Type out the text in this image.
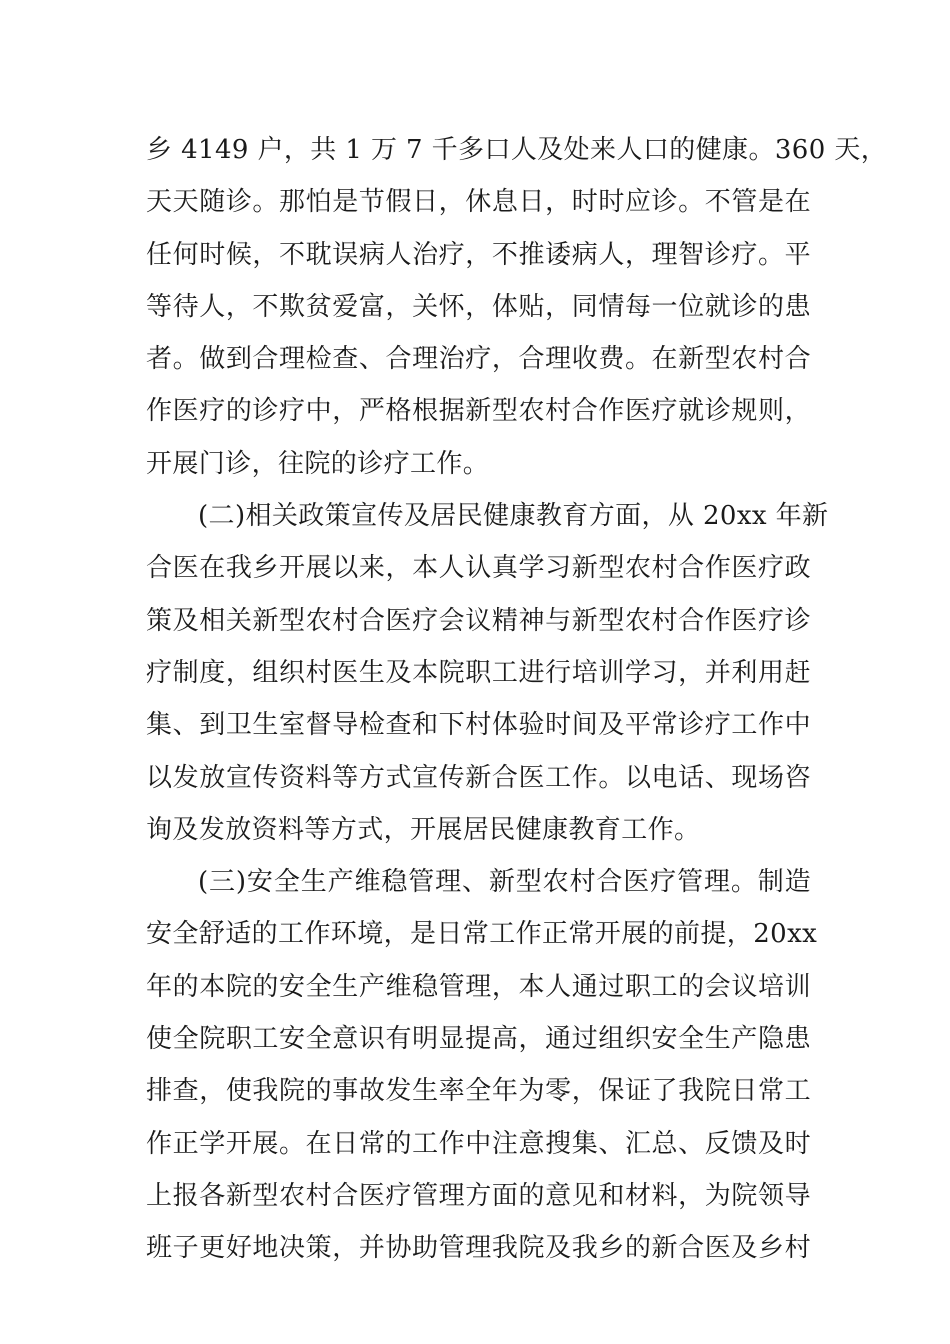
乡 4149 户，共 1 万 7 千多口人及处来人口的健康。360 天，
天天随诊。那怕是节假日，休息日，时时应诊。不管是在
任何时候，不耽误病人治疗，不推诿病人，理智诊疗。平
等待人，不欺贫爱富，关怀，体贴，同情每一位就诊的患
者。做到合理检查、合理治疗，合理收费。在新型农村合
作医疗的诊疗中，严格根据新型农村合作医疗就诊规则，
开展门诊，往院的诊疗工作。
(二)相关政策宣传及居民健康教育方面，从 20xx 年新
合医在我乡开展以来，本人认真学习新型农村合作医疗政
策及相关新型农村合医疗会议精神与新型农村合作医疗诊
疗制度，组织村医生及本院职工进行培训学习，并利用赶
集、到卫生室督导检查和下村体验时间及平常诊疗工作中
以发放宣传资料等方式宣传新合医工作。以电话、现场咨
询及发放资料等方式，开展居民健康教育工作。
(三)安全生产维稳管理、新型农村合医疗管理。制造
安全舒适的工作环境，是日常工作正常开展的前提，20xx
年的本院的安全生产维稳管理，本人通过职工的会议培训
使全院职工安全意识有明显提高，通过组织安全生产隐患
排查，使我院的事故发生率全年为零，保证了我院日常工
作正学开展。在日常的工作中注意搜集、汇总、反馈及时
上报各新型农村合医疗管理方面的意见和材料，为院领导
班子更好地决策，并协助管理我院及我乡的新合医及乡村
